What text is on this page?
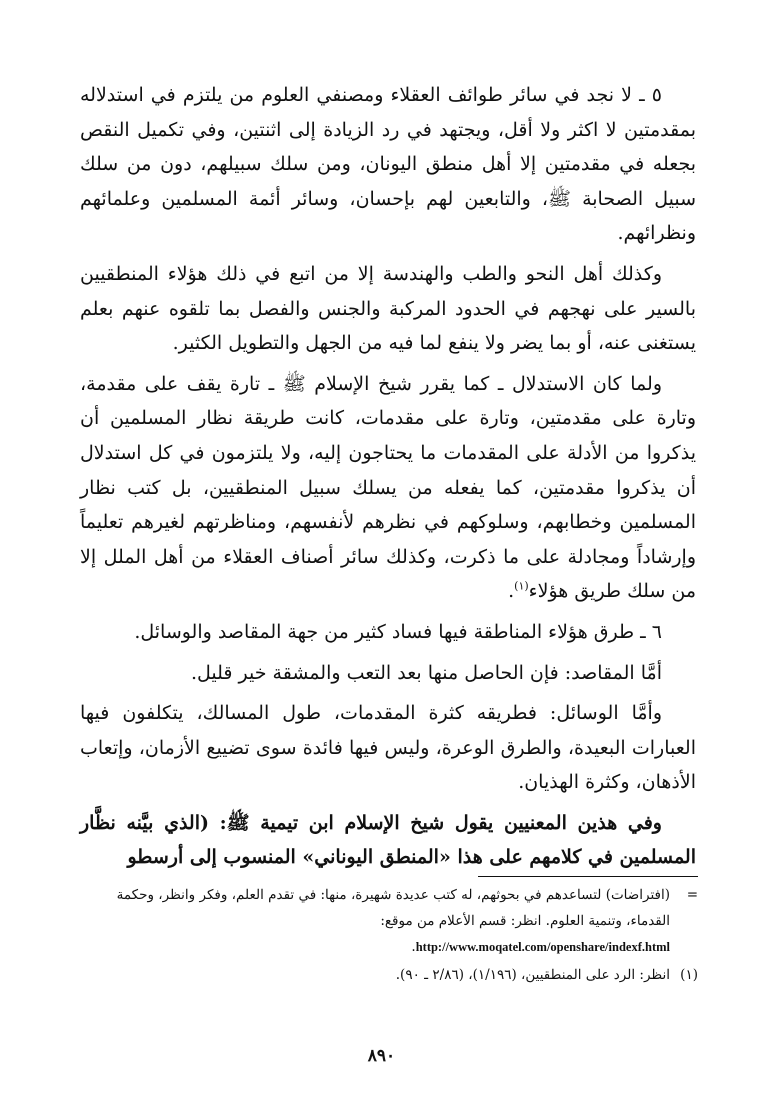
٥ ـ لا نجد في سائر طوائف العقلاء ومصنفي العلوم من يلتزم في استدلاله بمقدمتين لا اكثر ولا أقل، ويجتهد في رد الزيادة إلى اثنتين، وفي تكميل النقص بجعله في مقدمتين إلا أهل منطق اليونان، ومن سلك سبيلهم، دون من سلك سبيل الصحابة ﷺ، والتابعين لهم بإحسان، وسائر أئمة المسلمين وعلمائهم ونظرائهم.

وكذلك أهل النحو والطب والهندسة إلا من اتبع في ذلك هؤلاء المنطقيين بالسير على نهجهم في الحدود المركبة والجنس والفصل بما تلقوه عنهم بعلم يستغنى عنه، أو بما يضر ولا ينفع لما فيه من الجهل والتطويل الكثير.

ولما كان الاستدلال ـ كما يقرر شيخ الإسلام ﷺ ـ تارة يقف على مقدمة، وتارة على مقدمتين، وتارة على مقدمات، كانت طريقة نظار المسلمين أن يذكروا من الأدلة على المقدمات ما يحتاجون إليه، ولا يلتزمون في كل استدلال أن يذكروا مقدمتين، كما يفعله من يسلك سبيل المنطقيين، بل كتب نظار المسلمين وخطابهم، وسلوكهم في نظرهم لأنفسهم، ومناظرتهم لغيرهم تعليماً وإرشاداً ومجادلة على ما ذكرت، وكذلك سائر أصناف العقلاء من أهل الملل إلا من سلك طريق هؤلاء$^{(١)}$.

٦ ـ طرق هؤلاء المناطقة فيها فساد كثير من جهة المقاصد والوسائل.

أمَّا المقاصد: فإن الحاصل منها بعد التعب والمشقة خير قليل.

وأمَّا الوسائل: فطريقه كثرة المقدمات، طول المسالك، يتكلفون فيها العبارات البعيدة، والطرق الوعرة، وليس فيها فائدة سوى تضييع الأزمان، وإتعاب الأذهان، وكثرة الهذيان.

وفي هذين المعنيين يقول شيخ الإسلام ابن تيمية ﷺ: (الذي بيَّنه نظَّار المسلمين في كلامهم على هذا «المنطق اليوناني» المنسوب إلى أرسطو

=
(افتراضات) لتساعدهم في بحوثهم، له كتب عديدة شهيرة، منها: في تقدم العلم، وفكر وانظر، وحكمة القدماء، وتنمية العلوم. انظر: قسم الأعلام من موقع:
http://www.moqatel.com/openshare/indexf.html.
(١)
انظر: الرد على المنطقيين، (١/١٩٦)، (٢/٨٦ ـ ٩٠).
٨٩٠
